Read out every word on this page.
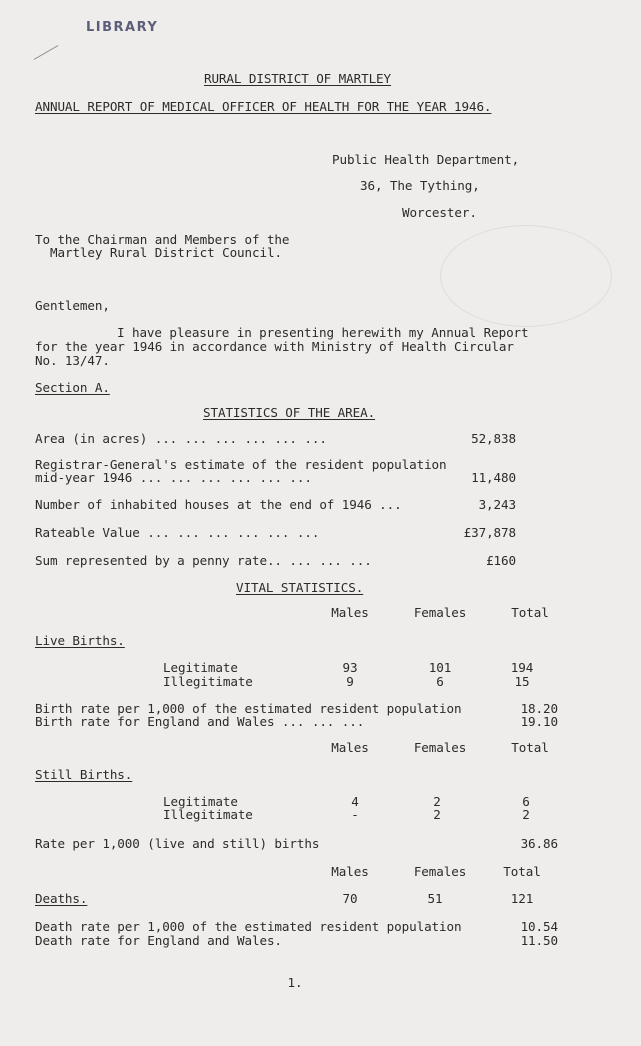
LIBRARY
RURAL DISTRICT OF MARTLEY
ANNUAL REPORT OF MEDICAL OFFICER OF HEALTH FOR THE YEAR 1946.
Public Health Department,
36, The Tything,
Worcester.
To the Chairman and Members of the
Martley Rural District Council.
Gentlemen,
I have pleasure in presenting herewith my Annual Report
for the year 1946 in accordance with Ministry of Health Circular
No. 13/47.
Section A.
STATISTICS OF THE AREA.
Area (in acres) ... ... ... ... ... ...	52,838
Registrar-General's estimate of the resident population
mid-year 1946 ... ... ... ... ... ...	11,480
Number of inhabited houses at the end of 1946 ...	3,243
Rateable Value ... ... ... ... ... ...	£37,878
Sum represented by a penny rate.. ... ... ...	£160
VITAL STATISTICS.
Males	Females	Total
Live Births.
Legitimate	93	101	194
Illegitimate	9	6	15
Birth rate per 1,000 of the estimated resident population	18.20
Birth rate for England and Wales ... ... ...	19.10
Males	Females	Total
Still Births.
Legitimate	4	2	6
Illegitimate	-	2	2
Rate per 1,000 (live and still) births	36.86
Males	Females	Total
Deaths.	70	51	121
Death rate per 1,000 of the estimated resident population	10.54
Death rate for England and Wales.	11.50
1.
